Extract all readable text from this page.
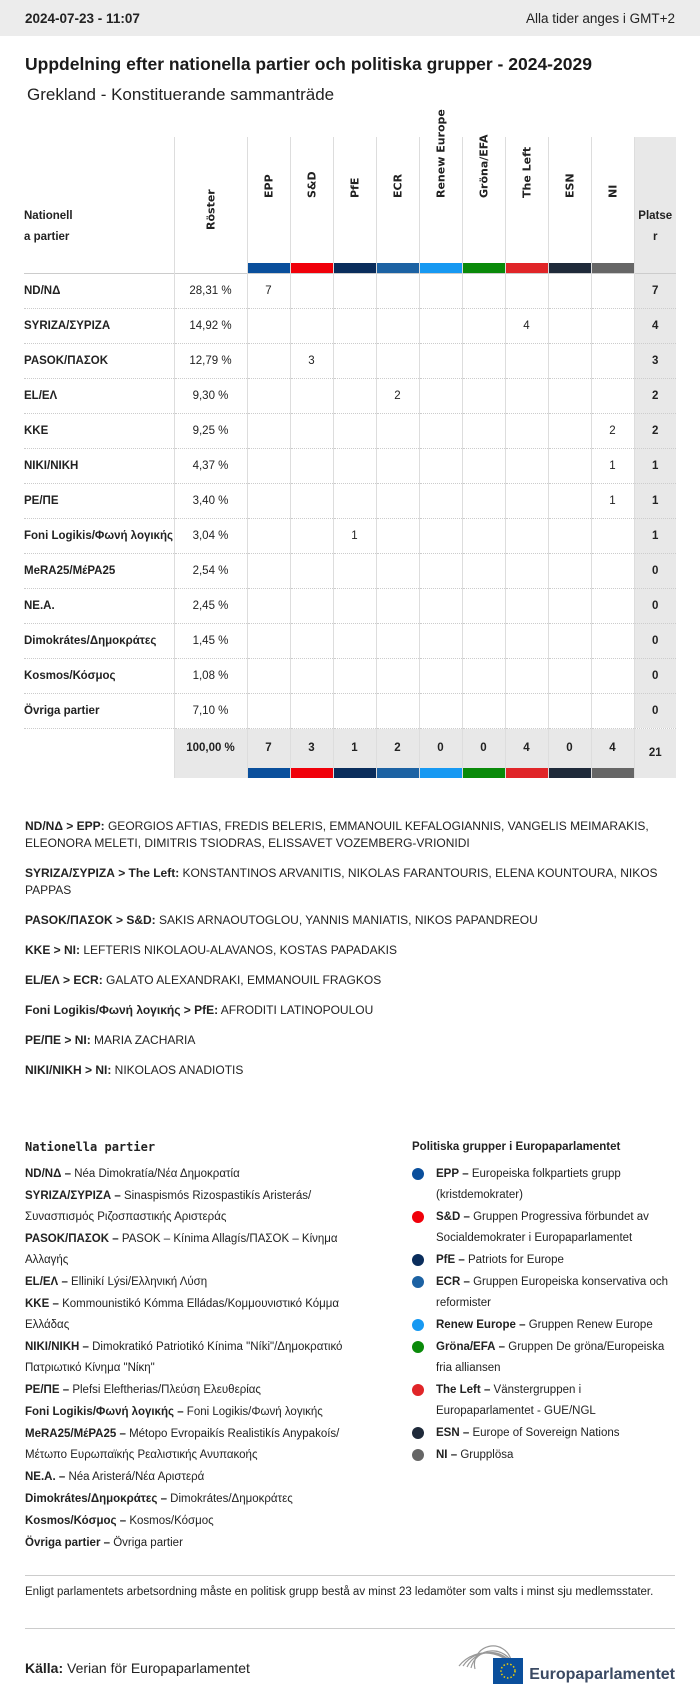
2024-07-23 - 11:07	Alla tider anges i GMT+2
Uppdelning efter nationella partier och politiska grupper - 2024-2029
Grekland - Konstituerande sammanträde
Nationell
a partier	Röster	EPP	S&D	PfE	ECR	Renew Europe	Gröna/EFA	The Left	ESN	NI	Platse
r
ND/ΝΔ	28,31 %	7									7
SYRIZA/ΣΥΡΙΖΑ	14,92 %							4			4
PASOK/ΠΑΣΟΚ	12,79 %		3								3
EL/ΕΛ	9,30 %				2						2
KKE	9,25 %									2	2
NIKI/ΝΙΚΗ	4,37 %									1	1
PE/ΠΕ	3,40 %									1	1
Foni Logikis/Φωνή λογικής	3,04 %			1							1
MeRA25/ΜέΡΑ25	2,54 %										0
NE.A.	2,45 %										0
Dimokrátes/Δημοκράτες	1,45 %										0
Kosmos/Κόσμος	1,08 %										0
Övriga partier	7,10 %										0
	100,00 %	7	3	1	2	0	0	4	0	4	21

ND/ΝΔ > EPP: GEORGIOS AFTIAS, FREDIS BELERIS, EMMANOUIL KEFALOGIANNIS, VANGELIS MEIMARAKIS, ELEONORA MELETI, DIMITRIS TSIODRAS, ELISSAVET VOZEMBERG-VRIONIDI

SYRIZA/ΣΥΡΙΖΑ > The Left: KONSTANTINOS ARVANITIS, NIKOLAS FARANTOURIS, ELENA KOUNTOURA, NIKOS PAPPAS

PASOK/ΠΑΣΟΚ > S&D: SAKIS ARNAOUTOGLOU, YANNIS MANIATIS, NIKOS PAPANDREOU

KKE > NI: LEFTERIS NIKOLAOU-ALAVANOS, KOSTAS PAPADAKIS

EL/ΕΛ > ECR: GALATO ALEXANDRAKI, EMMANOUIL FRAGKOS

Foni Logikis/Φωνή λογικής > PfE: AFRODITI LATINOPOULOU

PE/ΠΕ > NI: MARIA ZACHARIA

NIKI/ΝΙΚΗ > NI: NIKOLAOS ANADIOTIS

Nationella partier

ND/ΝΔ – Néa Dimokratía/Νέα Δημοκρατία

SYRIZA/ΣΥΡΙΖΑ – Sinaspismós Rizospastikís Aristerás/ Συνασπισμός Ριζοσπαστικής Αριστεράς

PASOK/ΠΑΣΟΚ – PASOK – Kínima Allagís/ΠΑΣΟΚ – Κίνημα Αλλαγής

EL/ΕΛ – Ellinikí Lýsi/Ελληνική Λύση

KKE – Kommounistikó Kómma Elládas/Κομμουνιστικό Κόμμα Ελλάδας

NIKI/ΝΙΚΗ – Dimokratikó Patriotikó Kínima "Níki"/Δημοκρατικό Πατριωτικό Κίνημα "Νίκη"

PE/ΠΕ – Plefsi Eleftherias/Πλεύση Ελευθερίας

Foni Logikis/Φωνή λογικής – Foni Logikis/Φωνή λογικής

MeRA25/ΜέΡΑ25 – Métopo Evropaikís Realistikís Anypakoís/ Μέτωπο Ευρωπαϊκής Ρεαλιστικής Ανυπακοής

NE.A. – Néa Aristerá/Νέα Αριστερά

Dimokrátes/Δημοκράτες – Dimokrátes/Δημοκράτες

Kosmos/Κόσμος – Kosmos/Κόσμος

Övriga partier – Övriga partier

Politiska grupper i Europaparlamentet
EPP – Europeiska folkpartiets grupp (kristdemokrater)
S&D – Gruppen Progressiva förbundet av Socialdemokrater i Europaparlamentet
PfE – Patriots for Europe
ECR – Gruppen Europeiska konservativa och reformister
Renew Europe – Gruppen Renew Europe
Gröna/EFA – Gruppen De gröna/Europeiska fria alliansen
The Left – Vänstergruppen i Europaparlamentet - GUE/NGL
ESN – Europe of Sovereign Nations
NI – Grupplösa
Enligt parlamentets arbetsordning måste en politisk grupp bestå av minst 23 ledamöter som valts i minst sju medlemsstater.
Källa: Verian för Europaparlamentet	Europaparlamentet
